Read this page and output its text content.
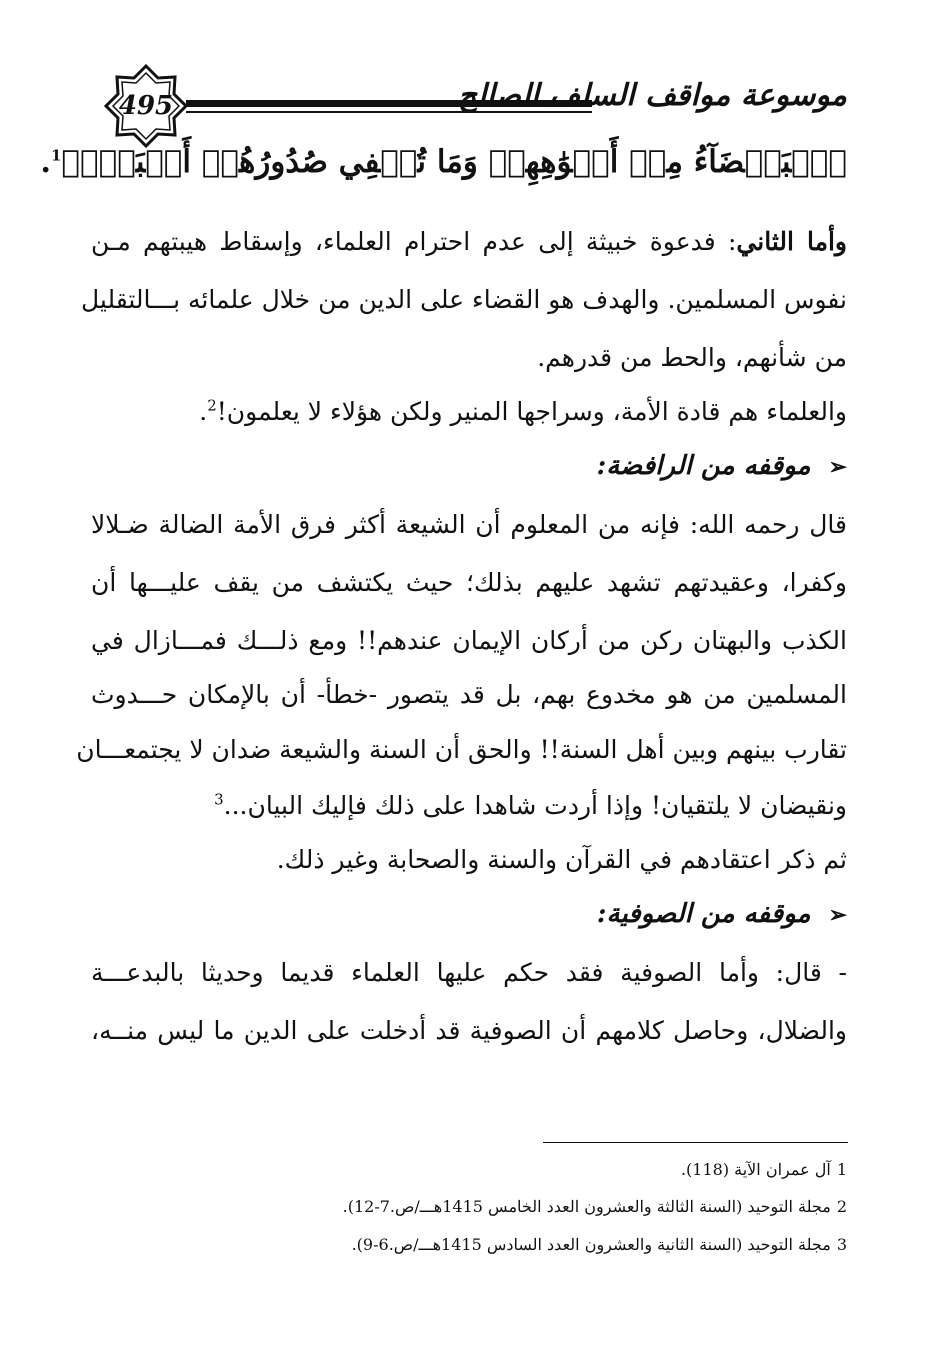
495	موسوعة مواقف السلف الصالح
ٱلۡبَغۡضَآءُ مِنۡ أَفۡوَٰهِهِمۡ وَمَا تُخۡفِي صُدُورُهُمۡ أَكۡبَرُۚ﴾$^1$.
وأما الثاني: فدعوة خبيثة إلى عدم احترام العلماء، وإسقاط هيبتهم مـن
نفوس المسلمين. والهدف هو القضاء على الدين من خلال علمائه بـــالتقليل
من شأنهم، والحط من قدرهم.
والعلماء هم قادة الأمة، وسراجها المنير ولكن هؤلاء لا يعلمون!$^2$.
➢موقفه من الرافضة:
قال رحمه الله: فإنه من المعلوم أن الشيعة أكثر فرق الأمة الضالة ضـلالا
وكفرا، وعقيدتهم تشهد عليهم بذلك؛ حيث يكتشف من يقف عليـــها أن
الكذب والبهتان ركن من أركان الإيمان عندهم!! ومع ذلـــك فمـــازال في
المسلمين من هو مخدوع بهم، بل قد يتصور -خطأ- أن بالإمكان حـــدوث
تقارب بينهم وبين أهل السنة!! والحق أن السنة والشيعة ضدان لا يجتمعـــان
ونقيضان لا يلتقيان! وإذا أردت شاهدا على ذلك فإليك البيان...$^3$
ثم ذكر اعتقادهم في القرآن والسنة والصحابة وغير ذلك.
➢موقفه من الصوفية:
- قال: وأما الصوفية فقد حكم عليها العلماء قديما وحديثا بالبدعـــة
والضلال، وحاصل كلامهم أن الصوفية قد أدخلت على الدين ما ليس منــه،
1آل عمران الآية (118).
2مجلة التوحيد (السنة الثالثة والعشرون العدد الخامس 1415هـــ/ص.7-12).
3مجلة التوحيد (السنة الثانية والعشرون العدد السادس 1415هـــ/ص.6-9).
